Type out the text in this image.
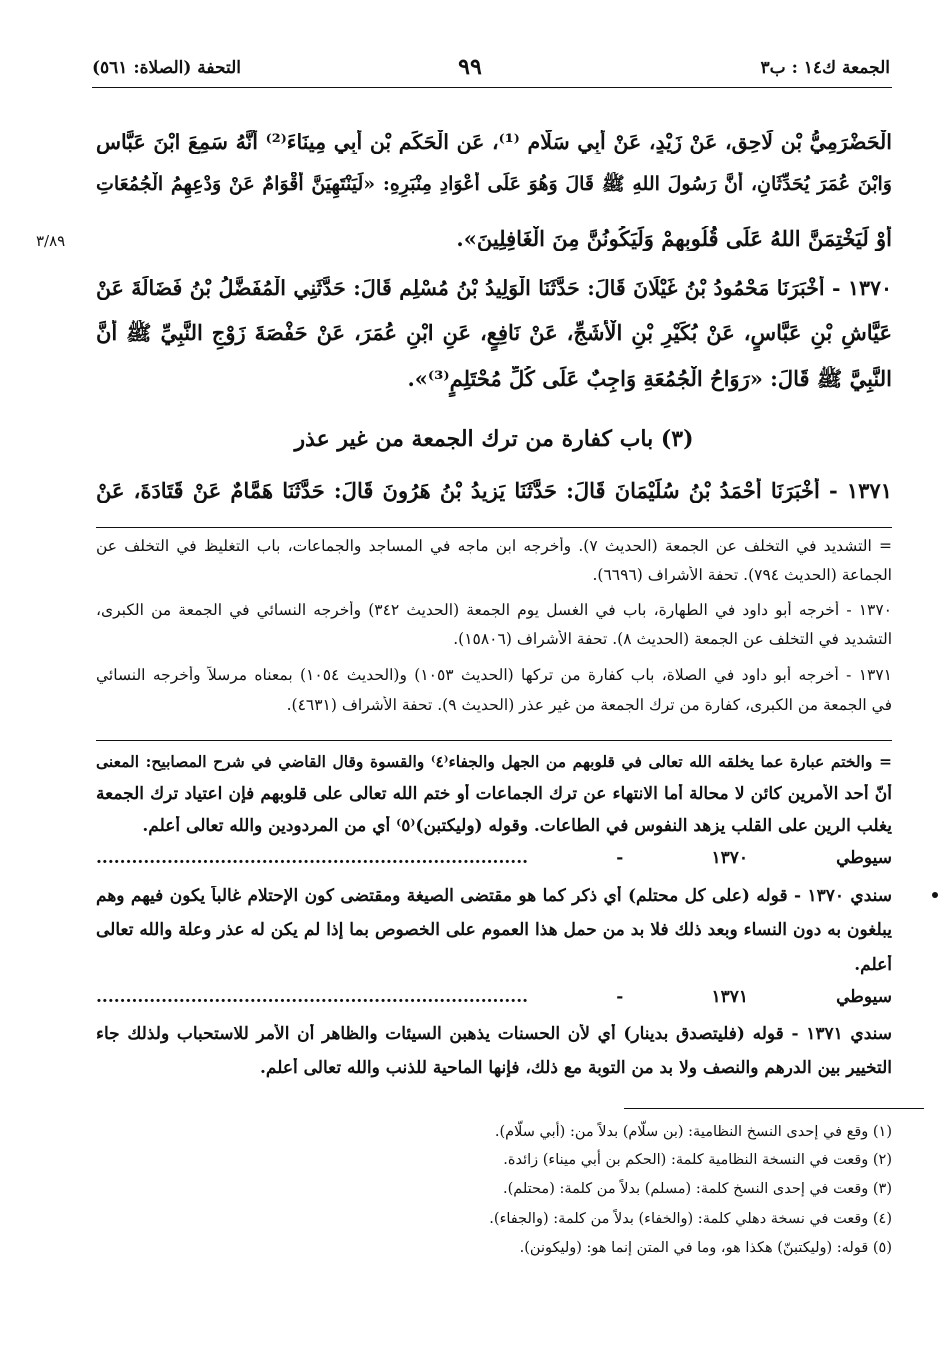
الجمعة ك١٤ : ب٣
٩٩
التحفة (الصلاة: ٥٦١)
٣/٨٩
الْحَضْرَمِيُّ بْنِ لَاحِقٍ، عَنْ زَيْدٍ، عَنْ أَبِي سَلَّامٍ ⁽¹⁾، عَنِ الْحَكَمِ بْنِ أَبِي مِينَاءَ⁽²⁾ أَنَّهُ سَمِعَ ابْنَ عَبَّاسٍ
وَابْنَ عُمَرَ يُحَدِّثَانِ، أَنَّ رَسُولَ اللهِ ﷺ قَالَ وَهُوَ عَلَى أَعْوَادِ مِنْبَرِهِ: «لَيَنْتَهِيَنَّ أَقْوَامٌ عَنْ وَدْعِهِمُ الْجُمُعَاتِ
أَوْ لَيَخْتِمَنَّ اللهُ عَلَى قُلُوبِهِمْ وَلَيَكُونُنَّ مِنَ الْغَافِلِينَ».
١٣٧٠ - أَخْبَرَنَا مَحْمُودُ بْنُ غَيْلَانَ قَالَ: حَدَّثَنَا الْوَلِيدُ بْنُ مُسْلِمٍ قَالَ: حَدَّثَنِي الْمُفَضَّلُ بْنُ فَضَالَةَ عَنْ
عَيَّاشِ بْنِ عَبَّاسٍ، عَنْ بُكَيْرِ بْنِ الْأَشَجِّ، عَنْ نَافِعٍ، عَنِ ابْنِ عُمَرَ، عَنْ حَفْصَةَ زَوْجِ النَّبِيِّ ﷺ أَنَّ
النَّبِيَّ ﷺ قَالَ: «رَوَاحُ الْجُمُعَةِ وَاجِبٌ عَلَى كُلِّ مُحْتَلِمٍ⁽³⁾».
(٣) باب كفارة من ترك الجمعة من غير عذر
١٣٧١ - أَخْبَرَنَا أَحْمَدُ بْنُ سُلَيْمَانَ قَالَ: حَدَّثَنَا يَزِيدُ بْنُ هَرُونَ قَالَ: حَدَّثَنَا هَمَّامٌ عَنْ قَتَادَةَ، عَنْ
= التشديد في التخلف عن الجمعة (الحديث ٧). وأخرجه ابن ماجه في المساجد والجماعات، باب التغليظ في التخلف عن
الجماعة (الحديث ٧٩٤). تحفة الأشراف (٦٦٩٦).
١٣٧٠ - أخرجه أبو داود في الطهارة، باب في الغسل يوم الجمعة (الحديث ٣٤٢) وأخرجه النسائي في الجمعة من الكبرى،
التشديد في التخلف عن الجمعة (الحديث ٨). تحفة الأشراف (١٥٨٠٦).
١٣٧١ - أخرجه أبو داود في الصلاة، باب كفارة من تركها (الحديث ١٠٥٣) و(الحديث ١٠٥٤) بمعناه مرسلاً وأخرجه النسائي
في الجمعة من الكبرى، كفارة من ترك الجمعة من غير عذر (الحديث ٩). تحفة الأشراف (٤٦٣١).
= والختم عبارة عما يخلقه الله تعالى في قلوبهم من الجهل والجفاء⁽٤⁾ والقسوة وقال القاضي في شرح المصابيح: المعنى
أنّ أحد الأمرين كائن لا محالة أما الانتهاء عن ترك الجماعات أو ختم الله تعالى على قلوبهم فإن اعتياد ترك الجمعة
يغلب الرين على القلب يزهد النفوس في الطاعات. وقوله (وليكتبن)⁽٥⁾ أي من المردودين والله تعالى أعلم.
سيوطي ١٣٧٠ - .........................................................................
سندي ١٣٧٠ - قوله (على كل محتلم) أي ذكر كما هو مقتضى الصيغة ومقتضى كون الإحتلام غالباً يكون فيهم وهم
يبلغون به دون النساء وبعد ذلك فلا بد من حمل هذا العموم على الخصوص بما إذا لم يكن له عذر وعلة والله تعالى
أعلم.
سيوطي ١٣٧١ - .........................................................................
سندي ١٣٧١ - قوله (فليتصدق بدينار) أي لأن الحسنات يذهبن السيئات والظاهر أن الأمر للاستحباب ولذلك جاء
التخيير بين الدرهم والنصف ولا بد من التوبة مع ذلك، فإنها الماحية للذنب والله تعالى أعلم.
(١) وقع في إحدى النسخ النظامية: (بن سلّام) بدلاً من: (أبي سلّام).
(٢) وقعت في النسخة النظامية كلمة: (الحكم بن أبي ميناء) زائدة.
(٣) وقعت في إحدى النسخ كلمة: (مسلم) بدلاً من كلمة: (محتلم).
(٤) وقعت في نسخة دهلي كلمة: (والخفاء) بدلاً من كلمة: (والجفاء).
(٥) قوله: (وليكتبنّ) هكذا هو، وما في المتن إنما هو: (وليكونن).
